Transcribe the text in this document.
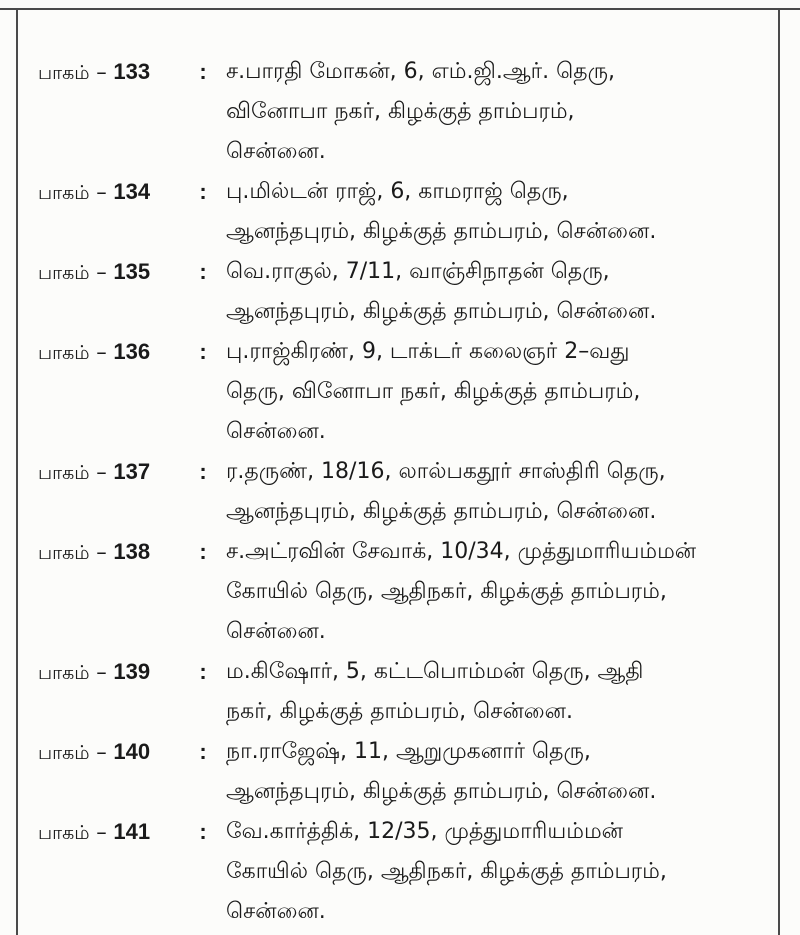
பாகம் – 133	: ச.பாரதி மோகன், 6, எம்.ஜி.ஆர். தெரு,
வினோபா நகர், கிழக்குத் தாம்பரம்,
சென்னை.
பாகம் – 134	: பு.மில்டன் ராஜ், 6, காமராஜ் தெரு,
ஆனந்தபுரம், கிழக்குத் தாம்பரம், சென்னை.
பாகம் – 135	: வெ.ராகுல், 7/11, வாஞ்சிநாதன் தெரு,
ஆனந்தபுரம், கிழக்குத் தாம்பரம், சென்னை.
பாகம் – 136	: பு.ராஜ்கிரண், 9, டாக்டர் கலைஞர் 2–வது
தெரு, வினோபா நகர், கிழக்குத் தாம்பரம்,
சென்னை.
பாகம் – 137	: ர.தருண், 18/16, லால்பகதூர் சாஸ்திரி தெரு,
ஆனந்தபுரம், கிழக்குத் தாம்பரம், சென்னை.
பாகம் – 138	: ச.அட்ரவின் சேவாக், 10/34, முத்துமாரியம்மன்
கோயில் தெரு, ஆதிநகர், கிழக்குத் தாம்பரம்,
சென்னை.
பாகம் – 139	: ம.கிஷோர், 5, கட்டபொம்மன் தெரு, ஆதி
நகர், கிழக்குத் தாம்பரம், சென்னை.
பாகம் – 140	: நா.ராஜேஷ், 11, ஆறுமுகனார் தெரு,
ஆனந்தபுரம், கிழக்குத் தாம்பரம், சென்னை.
பாகம் – 141	: வே.கார்த்திக், 12/35, முத்துமாரியம்மன்
கோயில் தெரு, ஆதிநகர், கிழக்குத் தாம்பரம்,
சென்னை.
